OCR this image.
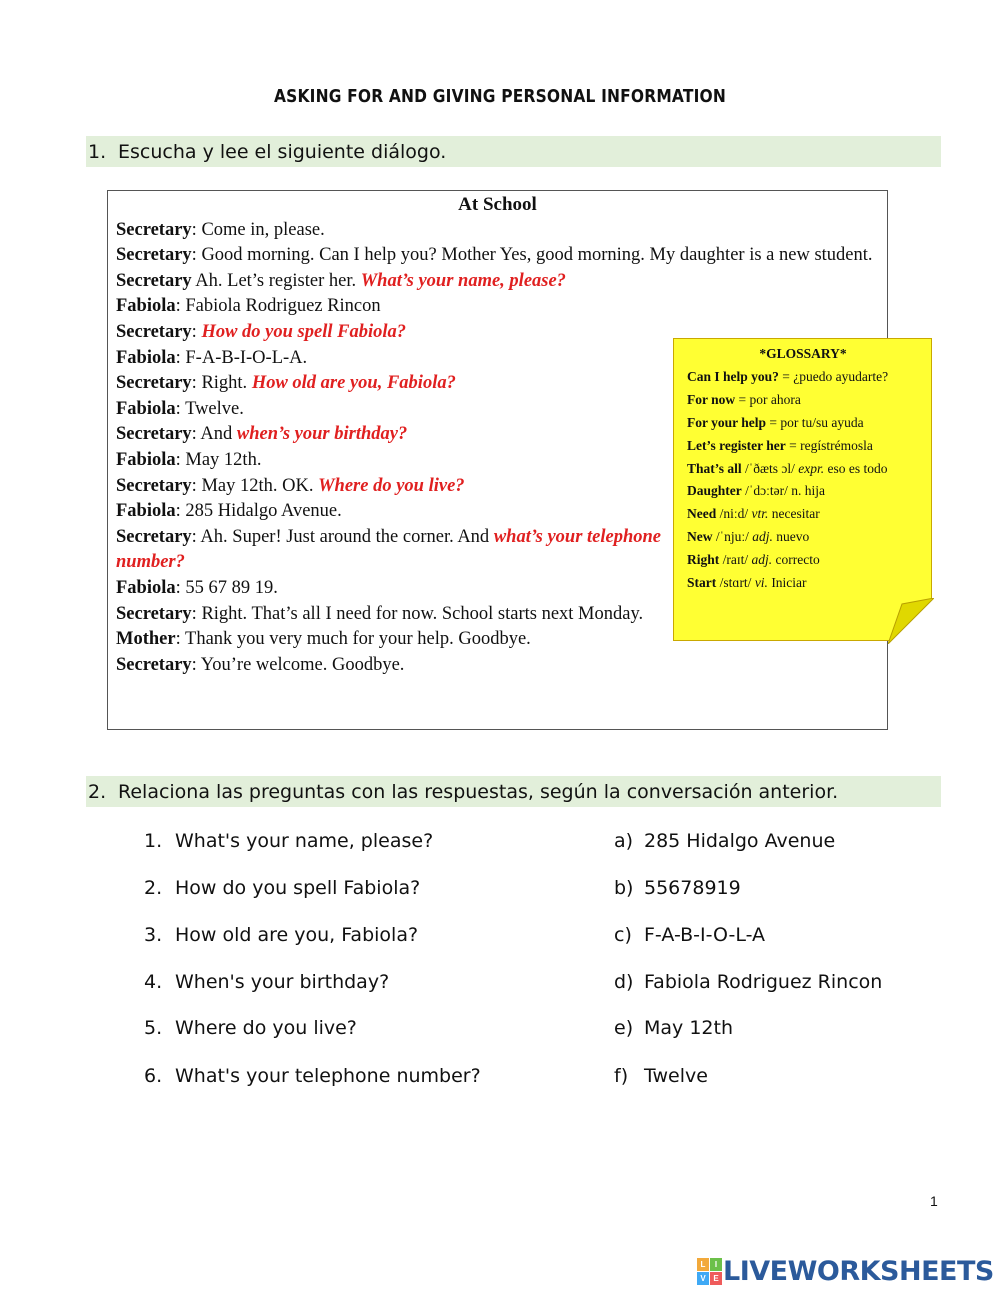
ASKING FOR AND GIVING PERSONAL INFORMATION
1. Escucha y lee el siguiente diálogo.
At School
Secretary: Come in, please.
Secretary: Good morning. Can I help you? Mother Yes, good morning. My daughter is a new student.
Secretary Ah. Let’s register her. What’s your name, please?
Fabiola: Fabiola Rodriguez Rincon
Secretary: How do you spell Fabiola?
Fabiola: F-A-B-I-O-L-A.
Secretary: Right. How old are you, Fabiola?
Fabiola: Twelve.
Secretary: And when’s your birthday?
Fabiola: May 12th.
Secretary: May 12th. OK. Where do you live?
Fabiola: 285 Hidalgo Avenue.
Secretary: Ah. Super! Just around the corner. And what’s your telephone number?
Fabiola: 55 67 89 19.
Secretary: Right. That’s all I need for now. School starts next Monday.
Mother: Thank you very much for your help. Goodbye.
Secretary: You’re welcome. Goodbye.
*GLOSSARY*
Can I help you? = ¿puedo ayudarte?
For now = por ahora
For your help = por tu/su ayuda
Let’s register her = regístrémosla
That’s all /ˈðæts ɔl/ expr. eso es todo
Daughter /ˈdɔːtər/ n. hija
Need /niːd/ vtr. necesitar
New /ˈnjuː/ adj. nuevo
Right /raɪt/ adj. correcto
Start /stɑrt/ vi. Iniciar
2. Relaciona las preguntas con las respuestas, según la conversación anterior.
1. What's your name, please?
2. How do you spell Fabiola?
3. How old are you, Fabiola?
4. When's your birthday?
5. Where do you live?
6. What's your telephone number?
a) 285 Hidalgo Avenue
b) 55678919
c) F-A-B-I-O-L-A
d) Fabiola Rodriguez Rincon
e) May 12th
f) Twelve
1
L	I
V E LIVEWORKSHEETS
